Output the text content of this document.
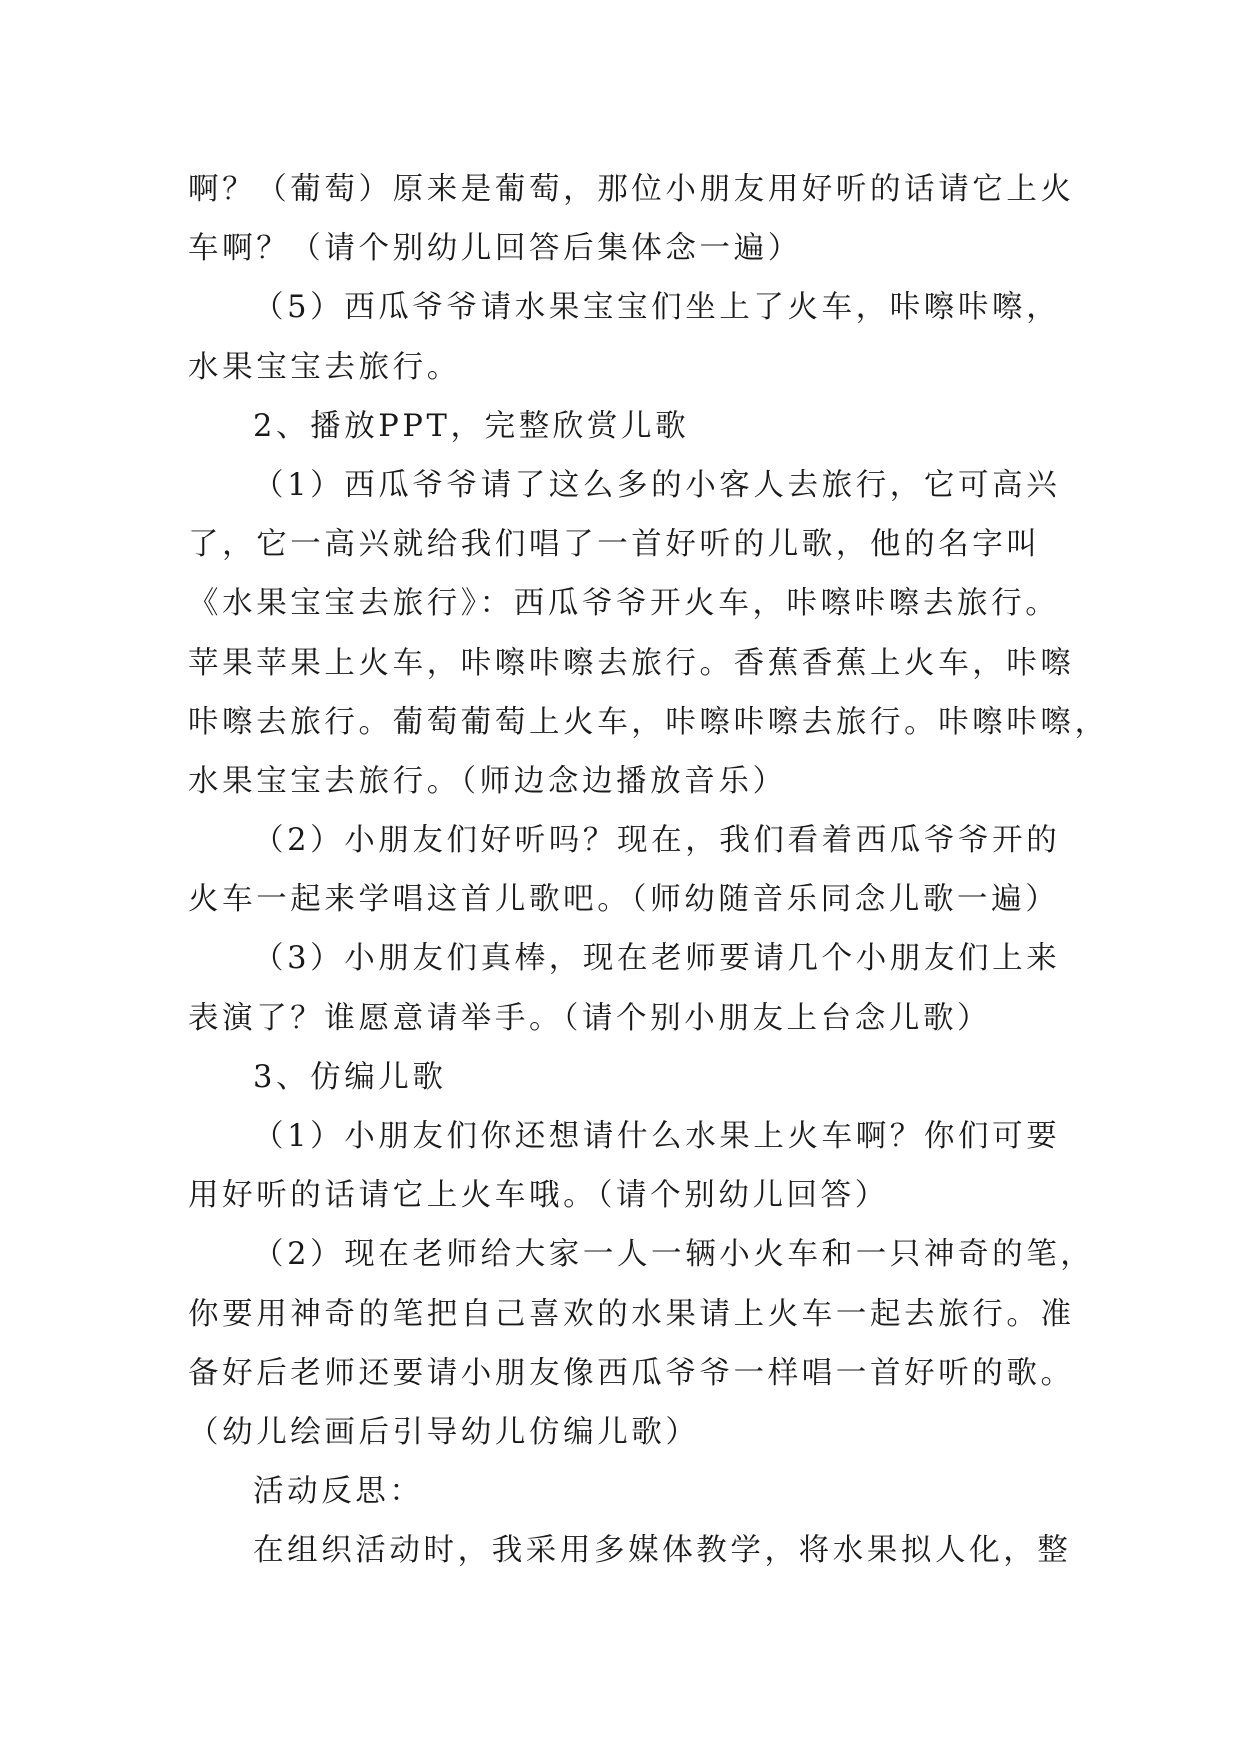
啊？（葡萄）原来是葡萄，那位小朋友用好听的话请它上火
车啊？（请个别幼儿回答后集体念一遍）
（5）西瓜爷爷请水果宝宝们坐上了火车，咔嚓咔嚓，
水果宝宝去旅行。
2、播放PPT，完整欣赏儿歌
（1）西瓜爷爷请了这么多的小客人去旅行，它可高兴
了，它一高兴就给我们唱了一首好听的儿歌，他的名字叫
《水果宝宝去旅行》：西瓜爷爷开火车，咔嚓咔嚓去旅行。
苹果苹果上火车，咔嚓咔嚓去旅行。香蕉香蕉上火车，咔嚓
咔嚓去旅行。葡萄葡萄上火车，咔嚓咔嚓去旅行。咔嚓咔嚓，
水果宝宝去旅行。（师边念边播放音乐）
（2）小朋友们好听吗？现在，我们看着西瓜爷爷开的
火车一起来学唱这首儿歌吧。（师幼随音乐同念儿歌一遍）
（3）小朋友们真棒，现在老师要请几个小朋友们上来
表演了？谁愿意请举手。（请个别小朋友上台念儿歌）
3、仿编儿歌
（1）小朋友们你还想请什么水果上火车啊？你们可要
用好听的话请它上火车哦。（请个别幼儿回答）
（2）现在老师给大家一人一辆小火车和一只神奇的笔，
你要用神奇的笔把自己喜欢的水果请上火车一起去旅行。准
备好后老师还要请小朋友像西瓜爷爷一样唱一首好听的歌。
（幼儿绘画后引导幼儿仿编儿歌）
活动反思：
在组织活动时，我采用多媒体教学，将水果拟人化，整
